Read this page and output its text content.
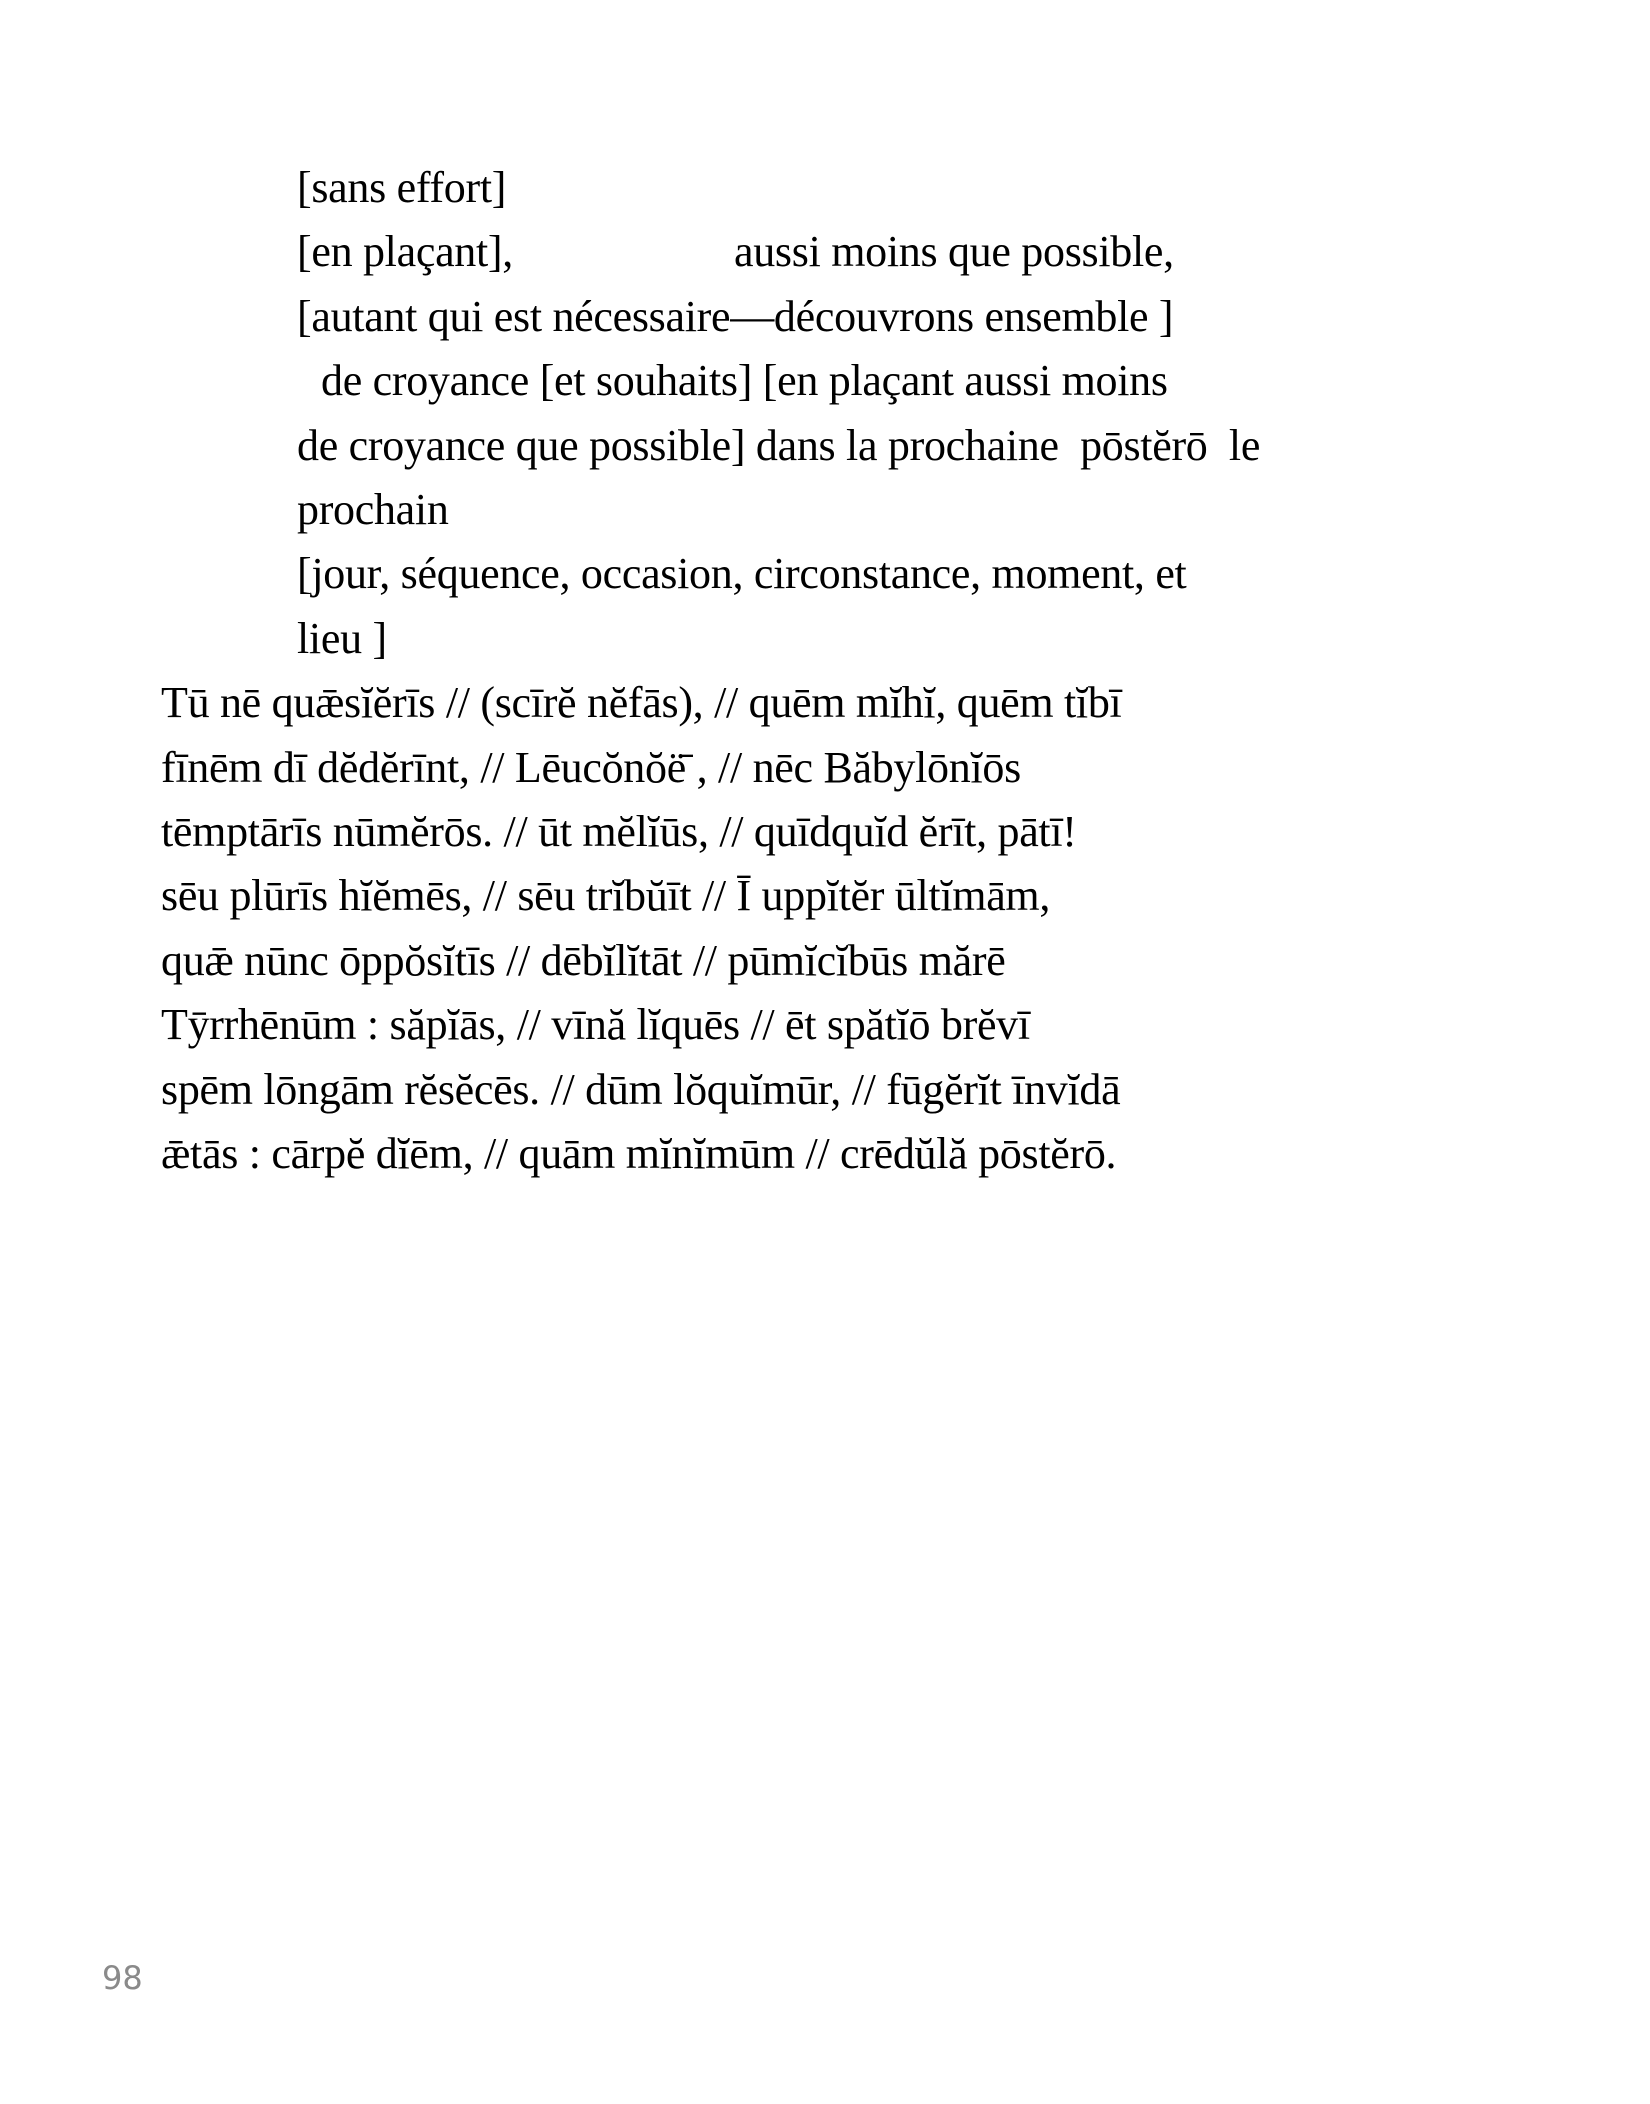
[sans effort]
[en plaçant],	aussi moins que possible,
[autant qui est nécessaire—découvrons ensemble ]
de croyance [et souhaits] [en plaçant aussi moins
de croyance que possible] dans la prochaine  pōstĕrō  le
prochain
[jour, séquence, occasion, circonstance, moment, et
lieu ]
Tū nē quǣsĭĕrīs // (scīrĕ nĕfās), // quēm mĭhĭ, quēm tĭbī
fīnēm dī dĕdĕrīnt, // Lēucŏnŏë̄ , // nēc Băbylōnĭōs
tēmptārīs nūmĕrōs. // ūt mĕlĭūs, // quīdquĭd ĕrīt, pātī!
sēu plūrīs hĭĕmēs, // sēu trĭbŭīt // Ī uppĭtĕr ūltĭmām,
quǣ nūnc ōppŏsĭtīs // dēbĭlĭtāt // pūmĭcĭbūs mărē
Tȳrrhēnūm : săpĭās, // vīnă lĭquēs // ēt spătĭō brĕvī
spēm lōngām rĕsĕcēs. // dūm lŏquĭmūr, // fūgĕrĭt īnvĭdā
ǣtās : cārpĕ dĭēm, // quām mĭnĭmūm // crēdŭlă pōstĕrō.
98
